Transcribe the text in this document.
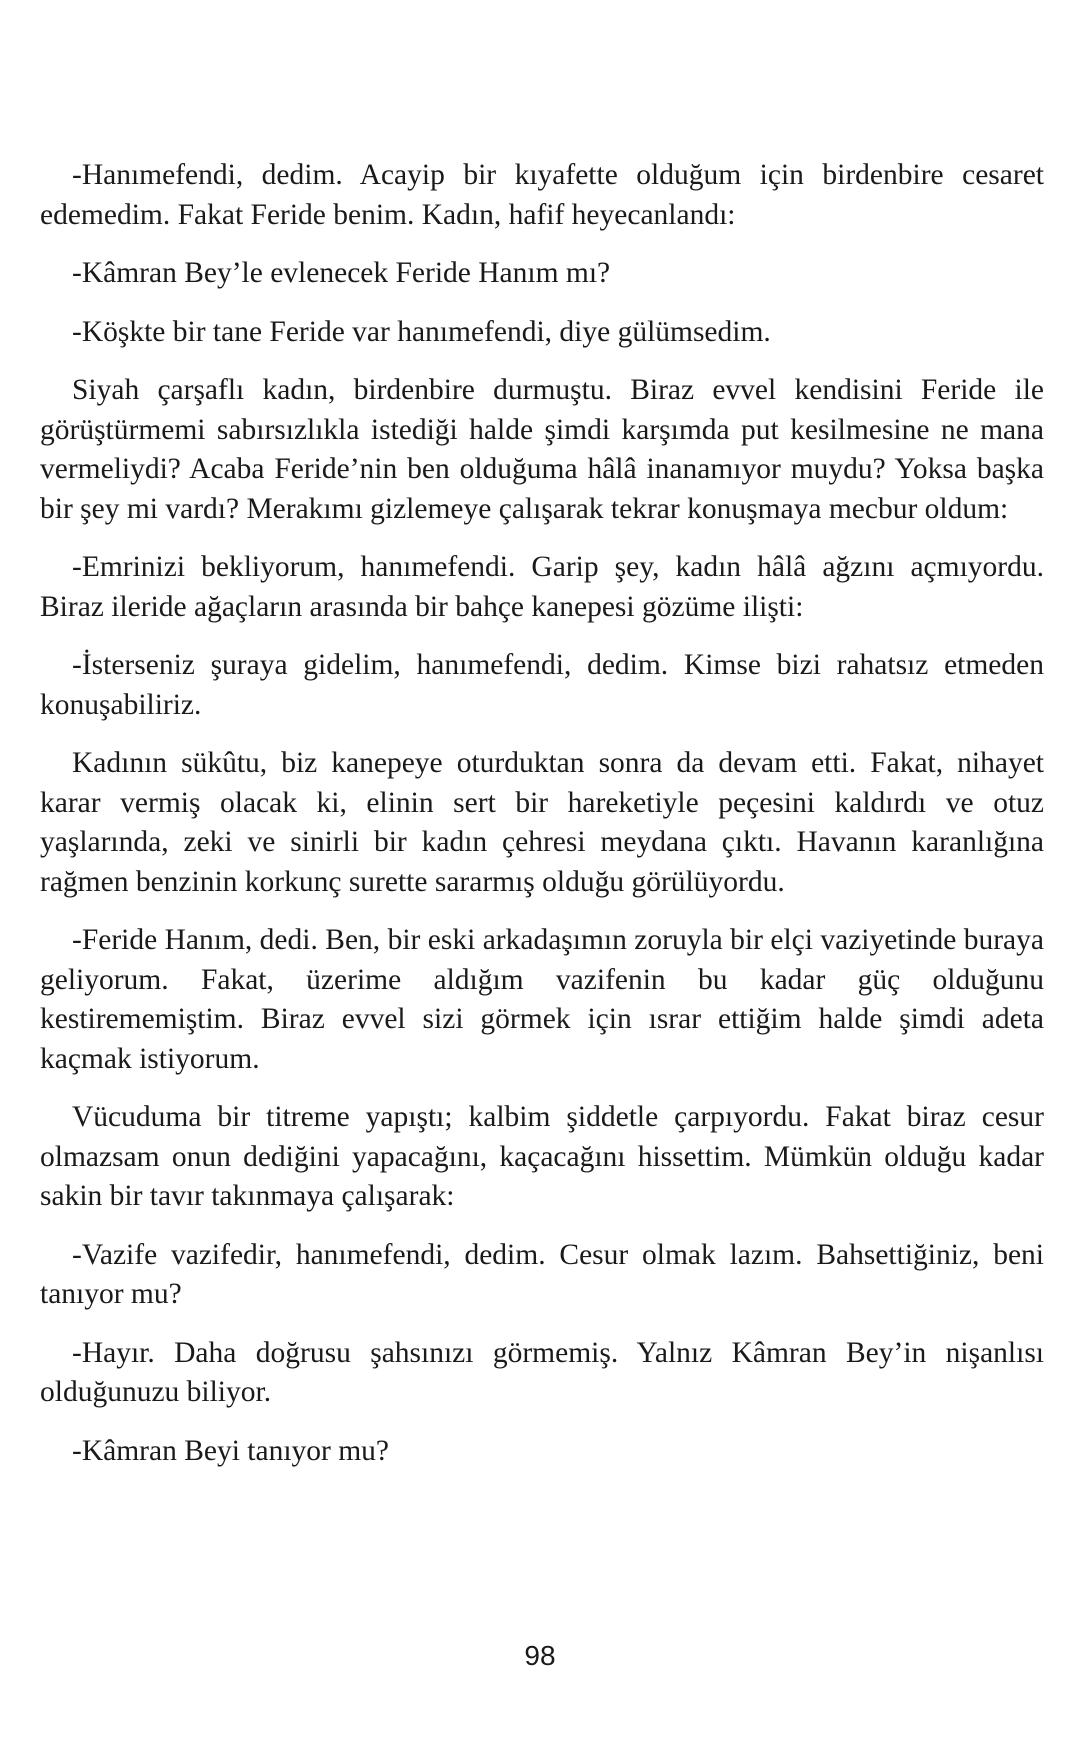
-Hanımefendi, dedim. Acayip bir kıyafette olduğum için birdenbire cesaret edemedim. Fakat Feride benim. Kadın, hafif heyecanlandı:

-Kâmran Bey’le evlenecek Feride Hanım mı?

-Köşkte bir tane Feride var hanımefendi, diye gülümsedim.

Siyah çarşaflı kadın, birdenbire durmuştu. Biraz evvel kendisini Feride ile görüştürmemi sabırsızlıkla istediği halde şimdi karşımda put kesilmesine ne mana vermeliydi? Acaba Feride’nin ben olduğuma hâlâ inanamıyor muydu? Yoksa başka bir şey mi vardı? Merakımı gizlemeye çalışarak tekrar konuşmaya mecbur oldum:

-Emrinizi bekliyorum, hanımefendi. Garip şey, kadın hâlâ ağzını açmıyordu. Biraz ileride ağaçların arasında bir bahçe kanepesi gözüme ilişti:

-İsterseniz şuraya gidelim, hanımefendi, dedim. Kimse bizi rahatsız etmeden konuşabiliriz.

Kadının sükûtu, biz kanepeye oturduktan sonra da devam etti. Fakat, nihayet karar vermiş olacak ki, elinin sert bir hareketiyle peçesini kaldırdı ve otuz yaşlarında, zeki ve sinirli bir kadın çehresi meydana çıktı. Havanın karanlığına rağmen benzinin korkunç surette sararmış olduğu görülüyordu.

-Feride Hanım, dedi. Ben, bir eski arkadaşımın zoruyla bir elçi vaziyetinde buraya geliyorum. Fakat, üzerime aldığım vazifenin bu kadar güç olduğunu kestirememiştim. Biraz evvel sizi görmek için ısrar ettiğim halde şimdi adeta kaçmak istiyorum.

Vücuduma bir titreme yapıştı; kalbim şiddetle çarpıyordu. Fakat biraz cesur olmazsam onun dediğini yapacağını, kaçacağını hissettim. Mümkün olduğu kadar sakin bir tavır takınmaya çalışarak:

-Vazife vazifedir, hanımefendi, dedim. Cesur olmak lazım. Bahsettiğiniz, beni tanıyor mu?

-Hayır. Daha doğrusu şahsınızı görmemiş. Yalnız Kâmran Bey’in nişanlısı olduğunuzu biliyor.

-Kâmran Beyi tanıyor mu?

98
